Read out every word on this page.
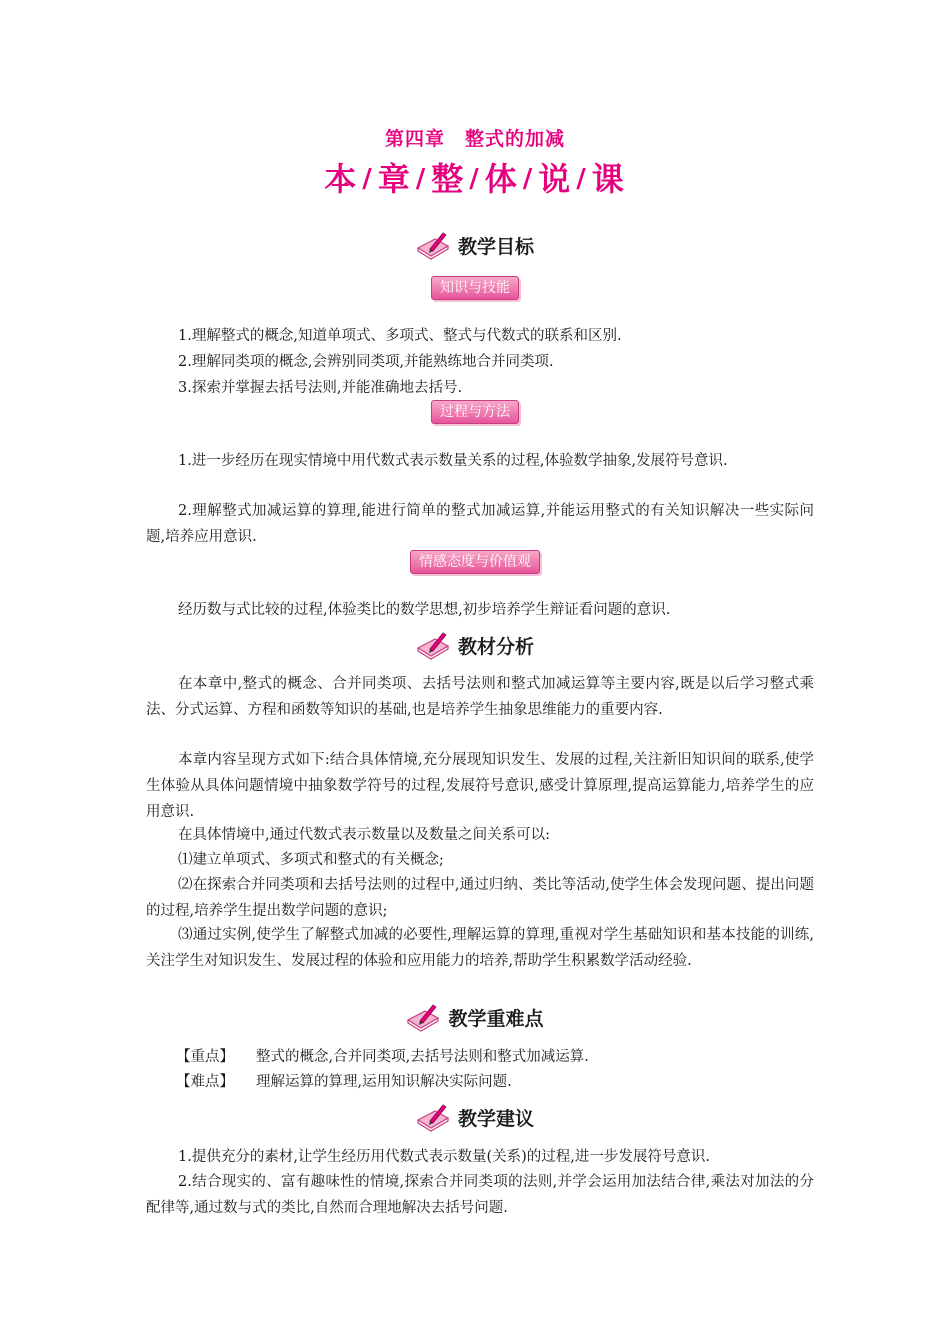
第四章　整式的加减
本 / 章 / 整 / 体 / 说 / 课
教学目标
知识与技能
1.理解整式的概念,知道单项式、多项式、整式与代数式的联系和区别.
2.理解同类项的概念,会辨别同类项,并能熟练地合并同类项.
3.探索并掌握去括号法则,并能准确地去括号.
过程与方法
1.进一步经历在现实情境中用代数式表示数量关系的过程,体验数学抽象,发展符号意识.
2.理解整式加减运算的算理,能进行简单的整式加减运算,并能运用整式的有关知识解决一些实际问题,培养应用意识.
情感态度与价值观
经历数与式比较的过程,体验类比的数学思想,初步培养学生辩证看问题的意识.
教材分析
在本章中,整式的概念、合并同类项、去括号法则和整式加减运算等主要内容,既是以后学习整式乘法、分式运算、方程和函数等知识的基础,也是培养学生抽象思维能力的重要内容.
本章内容呈现方式如下:结合具体情境,充分展现知识发生、发展的过程,关注新旧知识间的联系,使学生体验从具体问题情境中抽象数学符号的过程,发展符号意识,感受计算原理,提高运算能力,培养学生的应用意识.
在具体情境中,通过代数式表示数量以及数量之间关系可以:
⑴建立单项式、多项式和整式的有关概念;
⑵在探索合并同类项和去括号法则的过程中,通过归纳、类比等活动,使学生体会发现问题、提出问题的过程,培养学生提出数学问题的意识;
⑶通过实例,使学生了解整式加减的必要性,理解运算的算理,重视对学生基础知识和基本技能的训练,关注学生对知识发生、发展过程的体验和应用能力的培养,帮助学生积累数学活动经验.
教学重难点
【重点】 整式的概念,合并同类项,去括号法则和整式加减运算.
【难点】 理解运算的算理,运用知识解决实际问题.
教学建议
1.提供充分的素材,让学生经历用代数式表示数量(关系)的过程,进一步发展符号意识.
2.结合现实的、富有趣味性的情境,探索合并同类项的法则,并学会运用加法结合律,乘法对加法的分配律等,通过数与式的类比,自然而合理地解决去括号问题.
